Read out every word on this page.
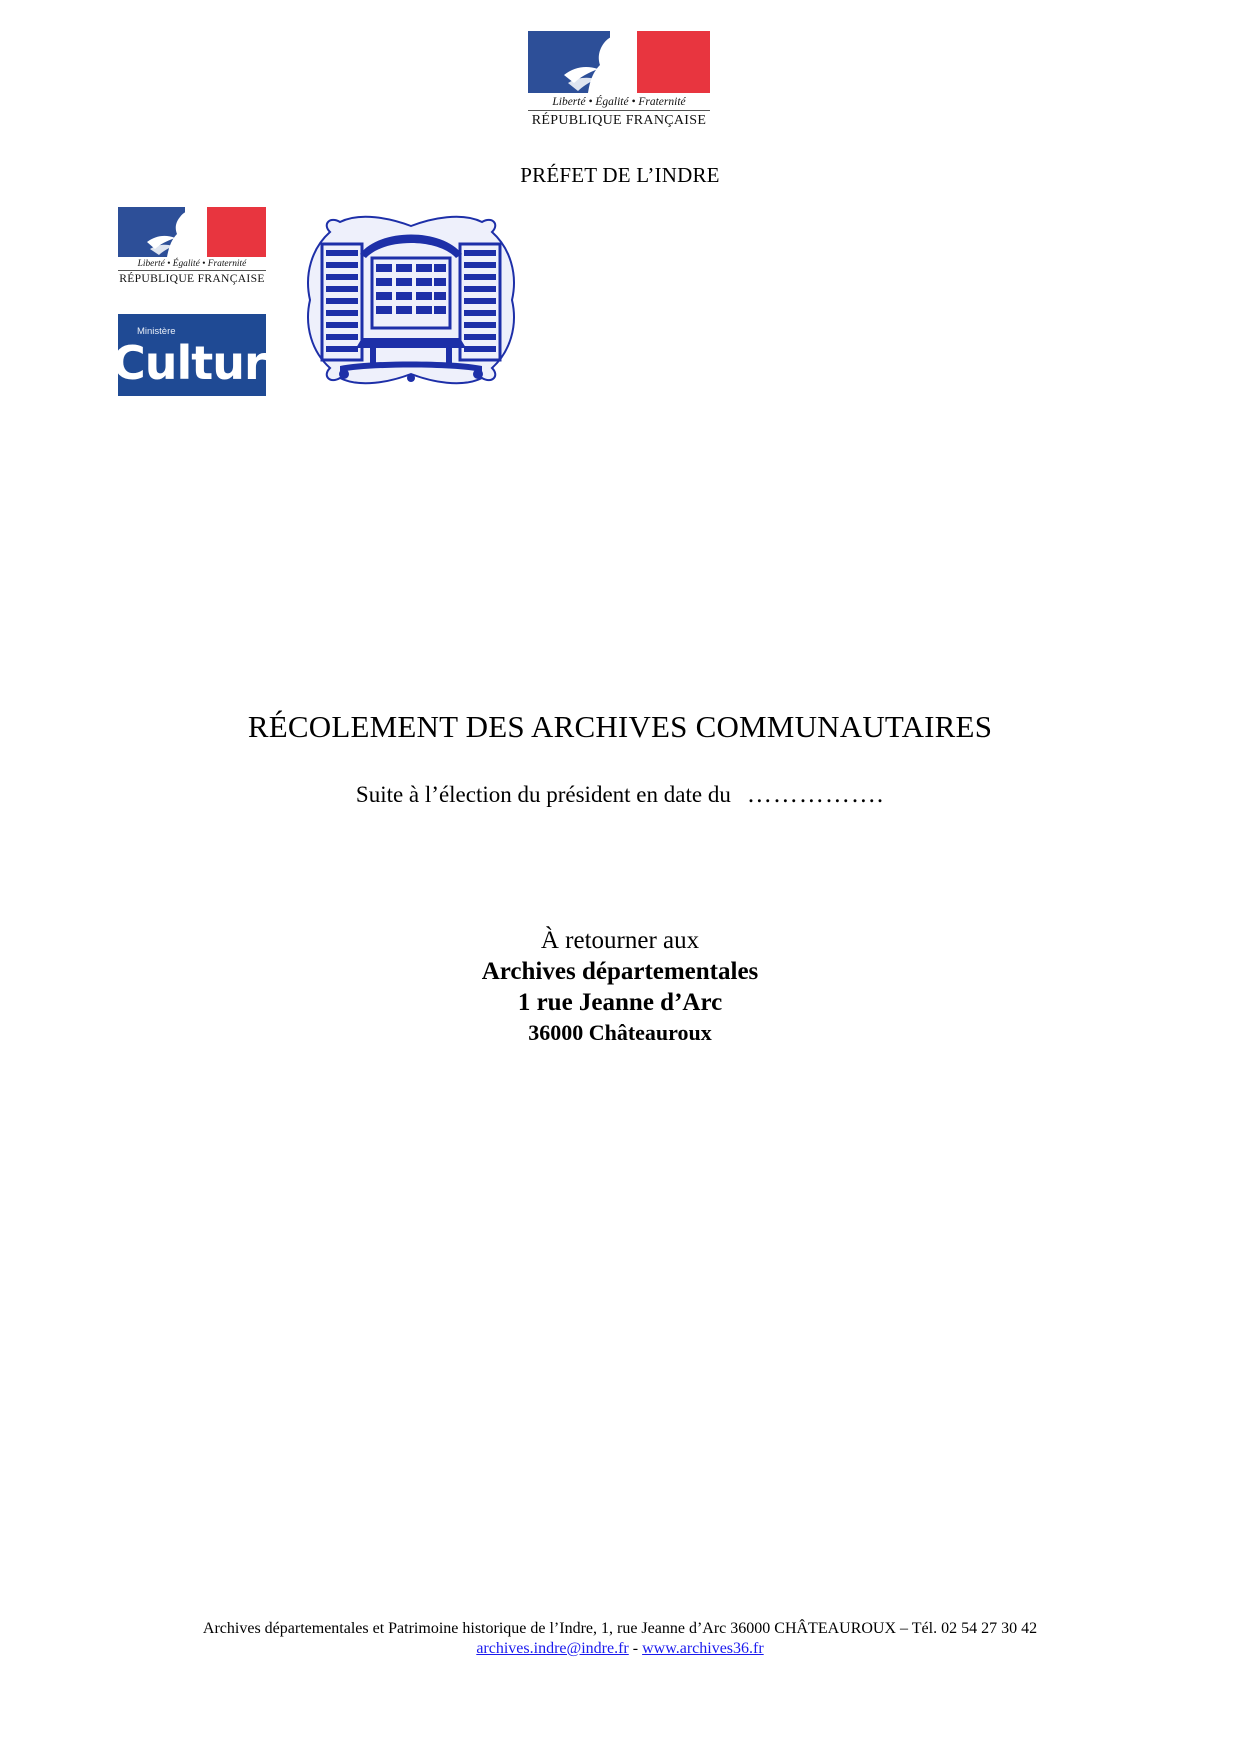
Liberté • Égalité • Fraternité
RÉPUBLIQUE FRANÇAISE
PRÉFET DE L’INDRE
Liberté • Égalité • Fraternité
RÉPUBLIQUE FRANÇAISE
Ministère
Culture
RÉCOLEMENT DES ARCHIVES COMMUNAUTAIRES
Suite à l’élection du président en date du …………….
À retourner aux
Archives départementales
1 rue Jeanne d’Arc
36000 Châteauroux
Archives départementales et Patrimoine historique de l’Indre, 1, rue Jeanne d’Arc 36000 CHÂTEAUROUX – Tél. 02 54 27 30 42
archives.indre@indre.fr - www.archives36.fr
